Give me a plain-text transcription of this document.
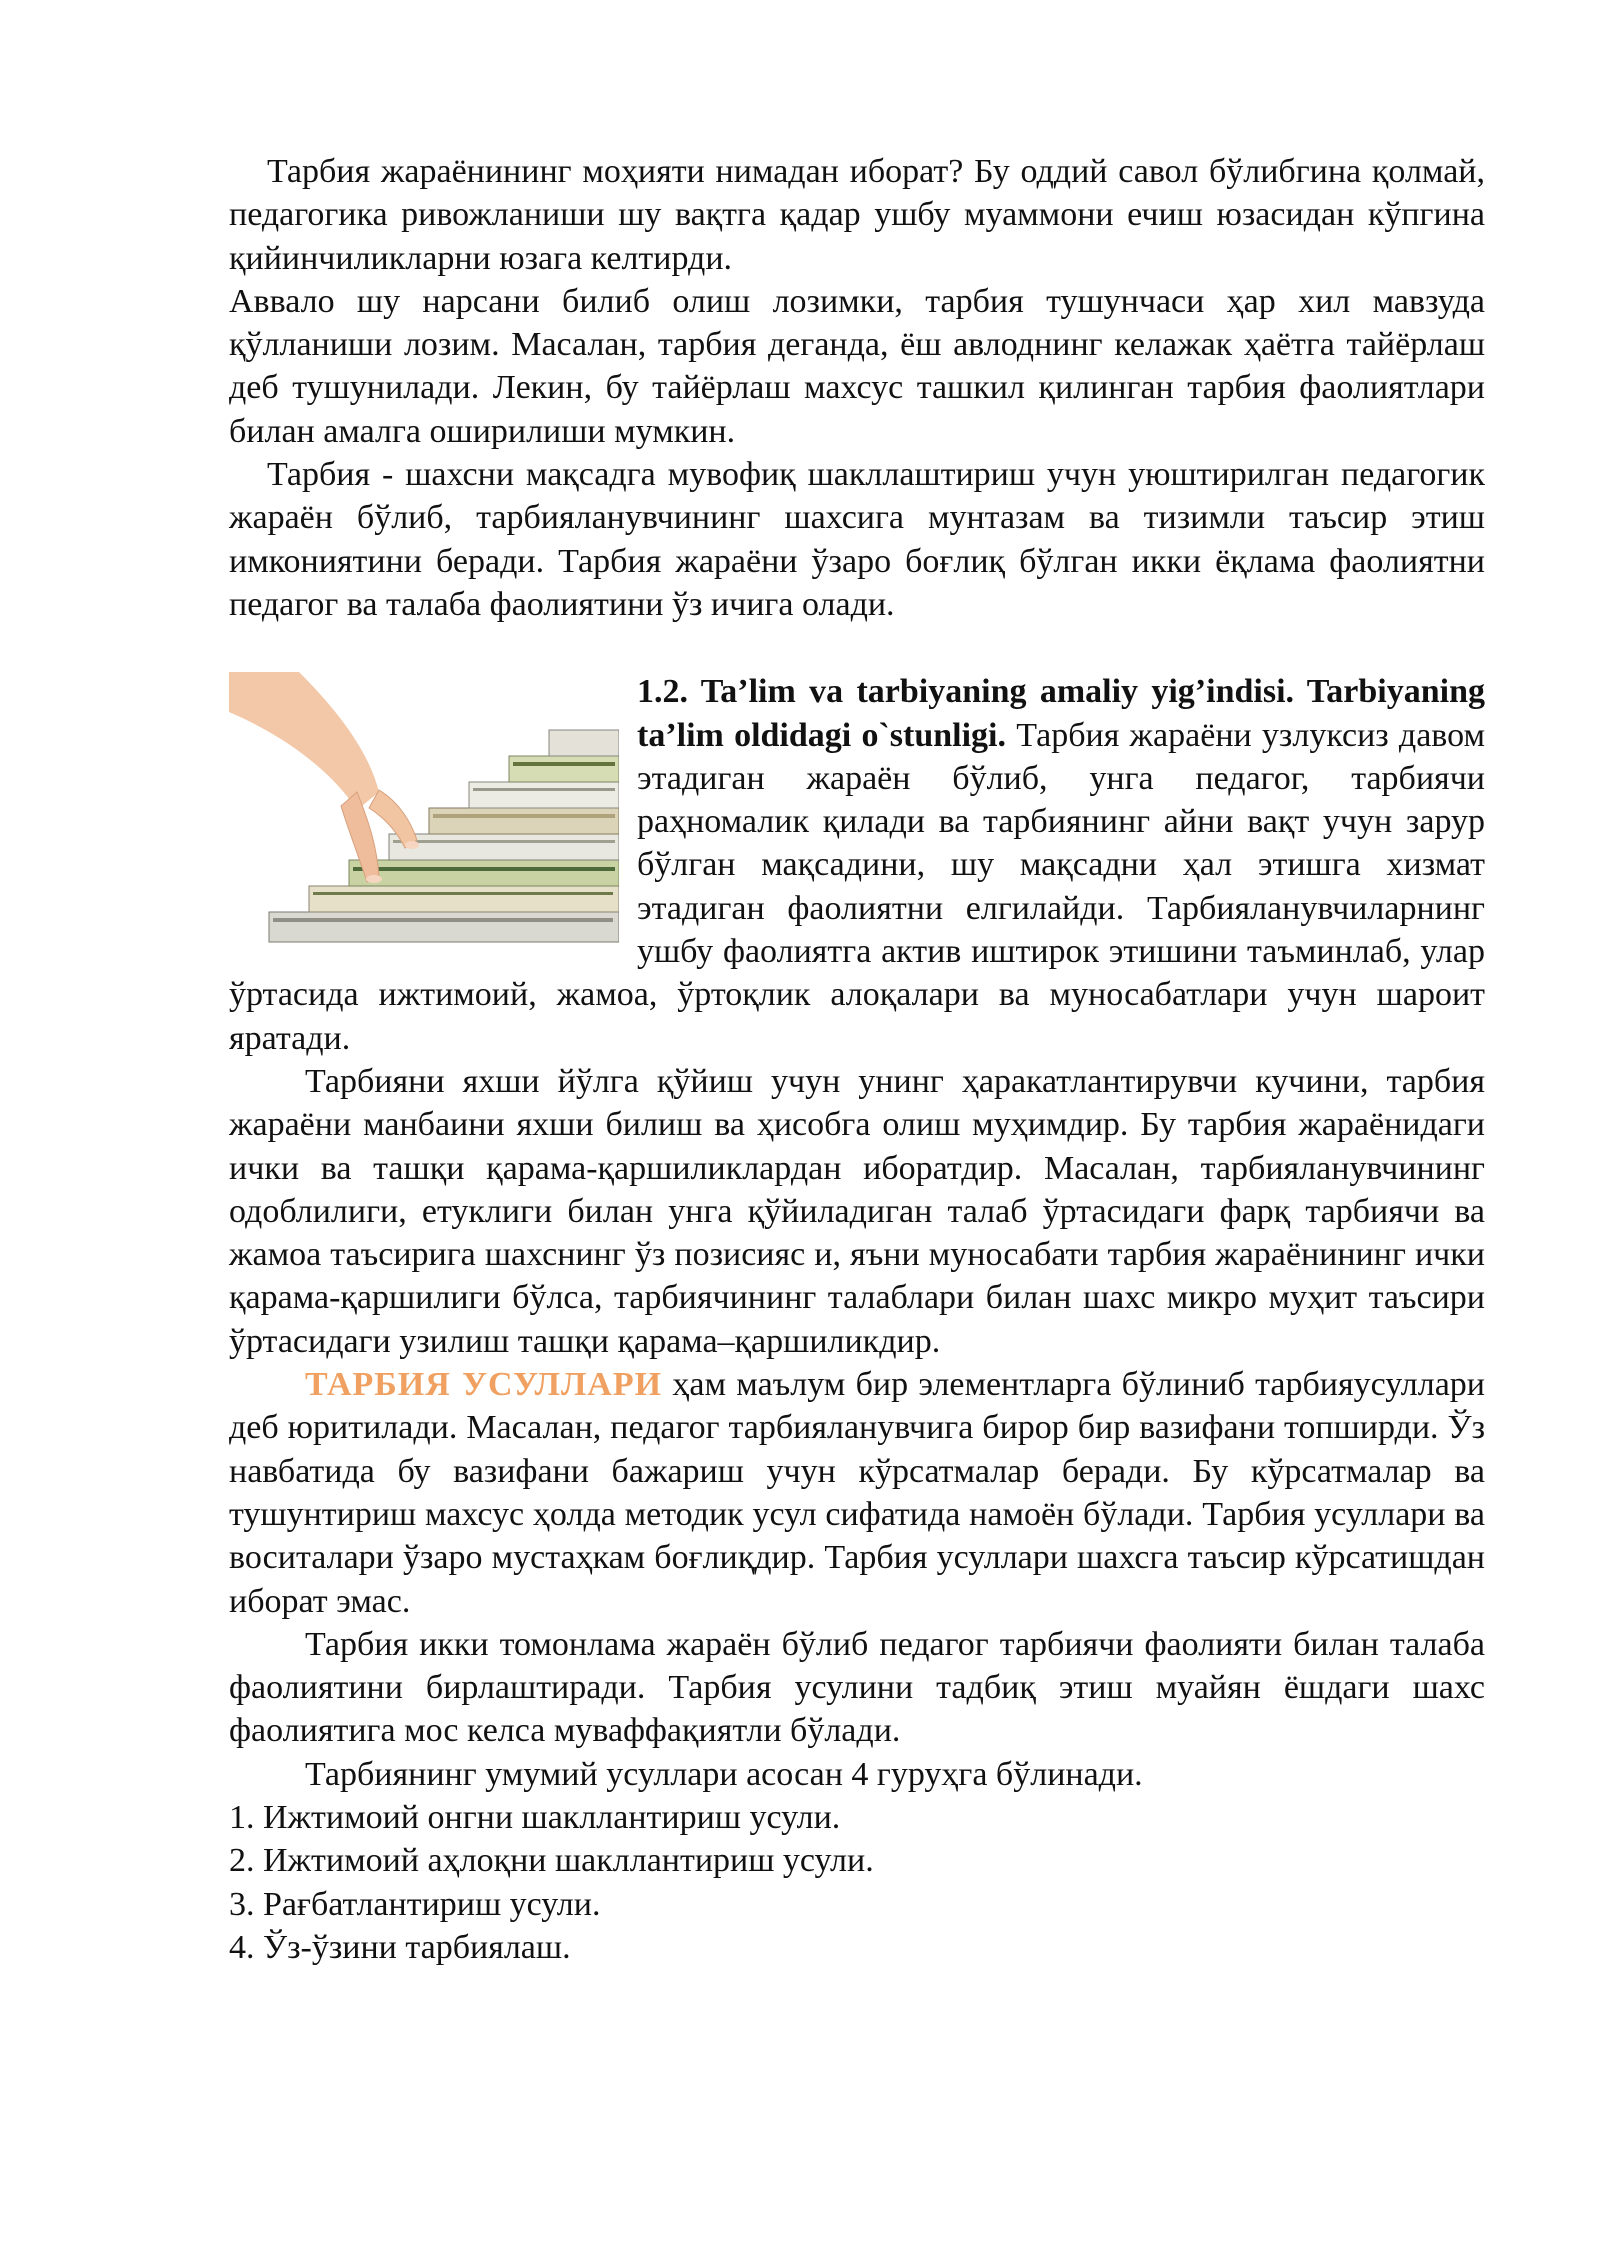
Тарбия жараёнининг моҳияти нимадан иборат? Бу оддий савол бўлибгина қолмай, педагогика ривожланиши шу вақтга қадар ушбу муаммони ечиш юзасидан кўпгина қийинчиликларни юзага келтирди.

Аввало шу нарсани билиб олиш лозимки, тарбия тушунчаси ҳар хил мавзуда қўлланиши лозим. Масалан, тарбия деганда, ёш авлоднинг келажак ҳаётга тайёрлаш деб тушунилади. Лекин, бу тайёрлаш махсус ташкил қилинган тарбия фаолиятлари билан амалга оширилиши мумкин.

Тарбия - шахсни мақсадга мувофиқ шакллаштириш учун уюштирилган педагогик жараён бўлиб, тарбияланувчининг шахсига мунтазам ва тизимли таъсир этиш имкониятини беради. Тарбия жараёни ўзаро боғлиқ бўлган икки ёқлама фаолиятни педагог ва талаба фаолиятини ўз ичига олади.

1.2. Ta’lim va tarbiyaning amaliy yig’indisi. Tarbiyaning ta’lim oldidagi o`stunligi. Тарбия жараёни узлуксиз давом этадиган жараён бўлиб, унга педагог, тарбиячи раҳномалик қилади ва тарбиянинг айни вақт учун зарур бўлган мақсадини, шу мақсадни ҳал этишга хизмат этадиган фаолиятни елгилайди. Тарбияланувчиларнинг ушбу фаолиятга актив иштирок этишини таъминлаб, улар ўртасида ижтимоий, жамоа, ўртоқлик алоқалари ва муносабатлари учун шароит яратади.

Тарбияни яхши йўлга қўйиш учун унинг ҳаракатлантирувчи кучини, тарбия жараёни манбаини яхши билиш ва ҳисобга олиш муҳимдир. Бу тарбия жараёнидаги ички ва ташқи қарама-қаршиликлардан иборатдир. Масалан, тарбияланувчининг одоблилиги, етуклиги билан унга қўйиладиган талаб ўртасидаги фарқ тарбиячи ва жамоа таъсирига шахснинг ўз позисияс и, яъни муносабати тарбия жараёнининг ички қарама-қаршилиги бўлса, тарбиячининг талаблари билан шахс микро муҳит таъсири ўртасидаги узилиш ташқи қарама–қаршиликдир.

ТАРБИЯ УСУЛЛАРИ ҳам маълум бир элементларга бўлиниб тарбияусуллари деб юритилади. Масалан, педагог тарбияланувчига бирор бир вазифани топширди. Ўз навбатида бу вазифани бажариш учун кўрсатмалар беради. Бу кўрсатмалар ва тушунтириш махсус ҳолда методик усул сифатида намоён бўлади. Тарбия усуллари ва воситалари ўзаро мустаҳкам боғлиқдир. Тарбия усуллари шахсга таъсир кўрсатишдан иборат эмас.

Тарбия икки томонлама жараён бўлиб педагог тарбиячи фаолияти билан талаба фаолиятини бирлаштиради. Тарбия усулини тадбиқ этиш муайян ёшдаги шахс фаолиятига мос келса муваффақиятли бўлади.

Тарбиянинг умумий усуллари асосан 4 гуруҳга бўлинади.

1. Ижтимоий онгни шакллантириш усули.

2. Ижтимоий аҳлоқни шакллантириш усули.

3. Рағбатлантириш усули.

4. Ўз-ўзини тарбиялаш.
